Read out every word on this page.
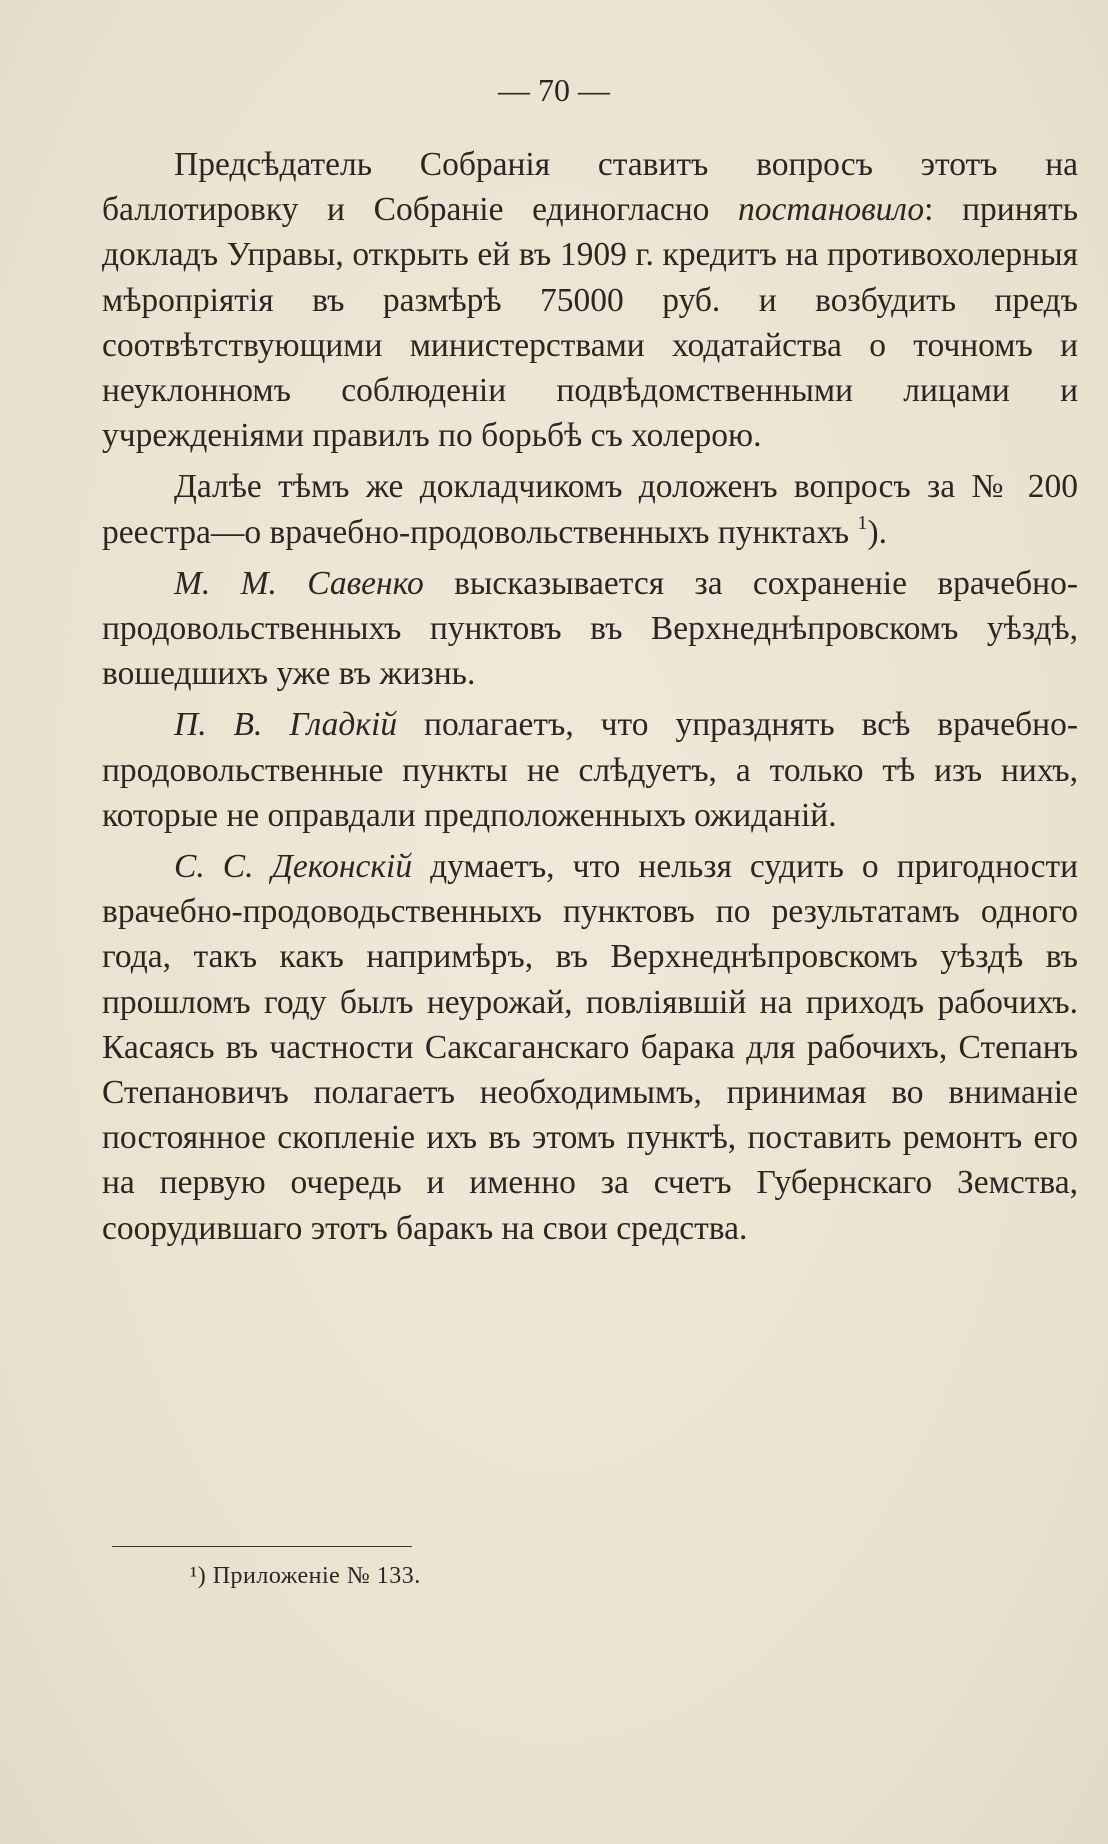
— 70 —

Предсѣдатель Собранія ставитъ вопросъ этотъ на баллотировку и Собраніе единогласно постановило: принять докладъ Управы, открыть ей въ 1909 г. кредитъ на противохолерныя мѣропріятія въ размѣрѣ 75000 руб. и возбудить предъ соотвѣтствующими министерствами ходатайства о точномъ и неуклонномъ соблюденіи подвѣдомственными лицами и учрежденіями правилъ по борьбѣ съ холерою.

Далѣе тѣмъ же докладчикомъ доложенъ вопросъ за № 200 реестра—о врачебно-продовольственныхъ пунктахъ $^1$).

М. М. Савенко высказывается за сохраненіе врачебно-продовольственныхъ пунктовъ въ Верхнеднѣпровскомъ уѣздѣ, вошедшихъ уже въ жизнь.

П. В. Гладкій полагаетъ, что упразднять всѣ врачебно-продовольственные пункты не слѣдуетъ, а только тѣ изъ нихъ, которые не оправдали предположенныхъ ожиданій.

С. С. Деконскій думаетъ, что нельзя судить о пригодности врачебно-продоводьственныхъ пунктовъ по результатамъ одного года, такъ какъ напримѣръ, въ Верхнеднѣпровскомъ уѣздѣ въ прошломъ году былъ неурожай, повліявшій на приходъ рабочихъ. Касаясь въ частности Саксаганскаго барака для рабочихъ, Степанъ Степановичъ полагаетъ необходимымъ, принимая во вниманіе постоянное скопленіе ихъ въ этомъ пунктѣ, поставить ремонтъ его на первую очередь и именно за счетъ Губернскаго Земства, соорудившаго этотъ баракъ на свои средства.

¹) Приложеніе № 133.
